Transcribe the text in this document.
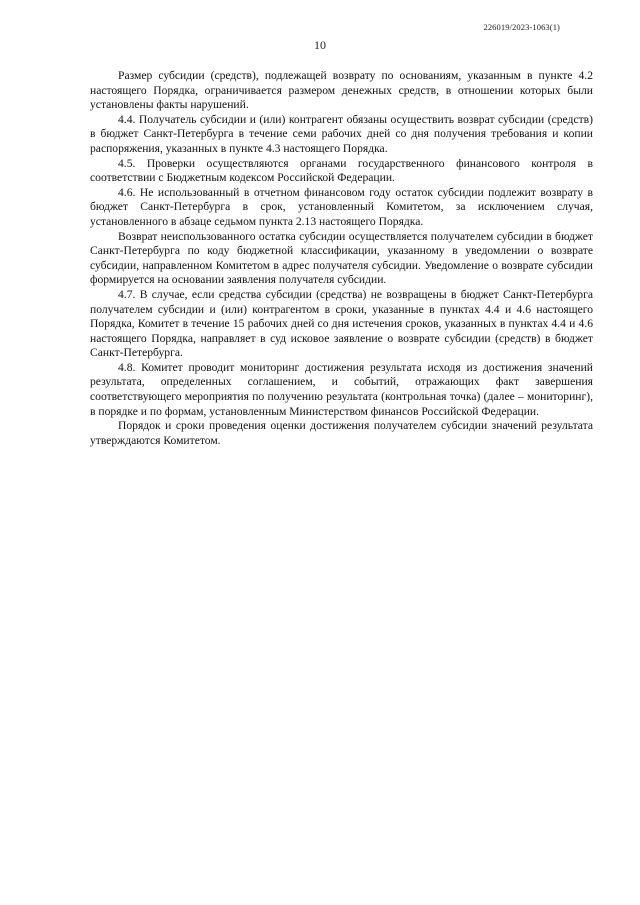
226019/2023-1063(1)
10

Размер субсидии (средств), подлежащей возврату по основаниям, указанным в пункте 4.2 настоящего Порядка, ограничивается размером денежных средств, в отношении которых были установлены факты нарушений.

4.4. Получатель субсидии и (или) контрагент обязаны осуществить возврат субсидии (средств) в бюджет Санкт-Петербурга в течение семи рабочих дней со дня получения требования и копии распоряжения, указанных в пункте 4.3 настоящего Порядка.

4.5. Проверки осуществляются органами государственного финансового контроля в соответствии с Бюджетным кодексом Российской Федерации.

4.6. Не использованный в отчетном финансовом году остаток субсидии подлежит возврату в бюджет Санкт-Петербурга в срок, установленный Комитетом, за исключением случая, установленного в абзаце седьмом пункта 2.13 настоящего Порядка.

Возврат неиспользованного остатка субсидии осуществляется получателем субсидии в бюджет Санкт-Петербурга по коду бюджетной классификации, указанному в уведомлении о возврате субсидии, направленном Комитетом в адрес получателя субсидии. Уведомление о возврате субсидии формируется на основании заявления получателя субсидии.

4.7. В случае, если средства субсидии (средства) не возвращены в бюджет Санкт-Петербурга получателем субсидии и (или) контрагентом в сроки, указанные в пунктах 4.4 и 4.6 настоящего Порядка, Комитет в течение 15 рабочих дней со дня истечения сроков, указанных в пунктах 4.4 и 4.6 настоящего Порядка, направляет в суд исковое заявление о возврате субсидии (средств) в бюджет Санкт-Петербурга.

4.8. Комитет проводит мониторинг достижения результата исходя из достижения значений результата, определенных соглашением, и событий, отражающих факт завершения соответствующего мероприятия по получению результата (контрольная точка) (далее – мониторинг), в порядке и по формам, установленным Министерством финансов Российской Федерации.

Порядок и сроки проведения оценки достижения получателем субсидии значений результата утверждаются Комитетом.
